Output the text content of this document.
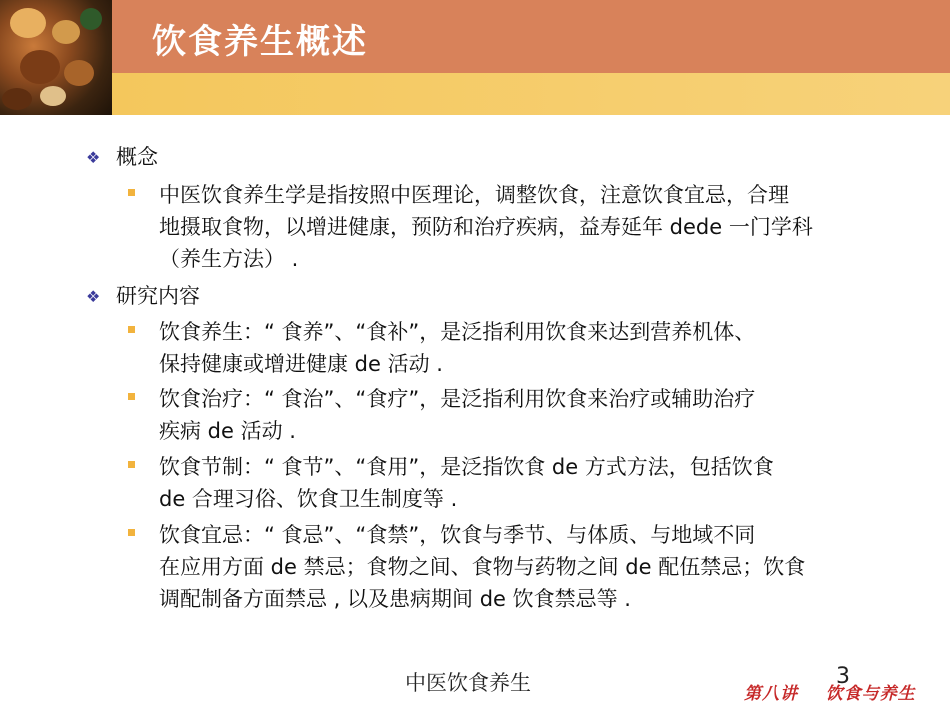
饮食养生概述
❖ 概念
中医饮食养生学是指按照中医理论，调整饮食，注意饮食宜忌，合理
地摄取食物，以增进健康，预防和治疗疾病，益寿延年 dede 一门学科
（养生方法） .
❖ 研究内容
饮食养生：“ 食养”、“食补”，是泛指利用饮食来达到营养机体、
保持健康或增进健康 de 活动 .
饮食治疗：“ 食治”、“食疗”，是泛指利用饮食来治疗或辅助治疗
疾病 de 活动 .
饮食节制：“ 食节”、“食用”，是泛指饮食 de 方式方法，包括饮食
de 合理习俗、饮食卫生制度等 .
饮食宜忌：“ 食忌”、“食禁”，饮食与季节、与体质、与地域不同
在应用方面 de 禁忌；食物之间、食物与药物之间 de 配伍禁忌；饮食
调配制备方面禁忌 , 以及患病期间 de 饮食禁忌等 .
中医饮食养生	3
第八讲    饮食与养生
